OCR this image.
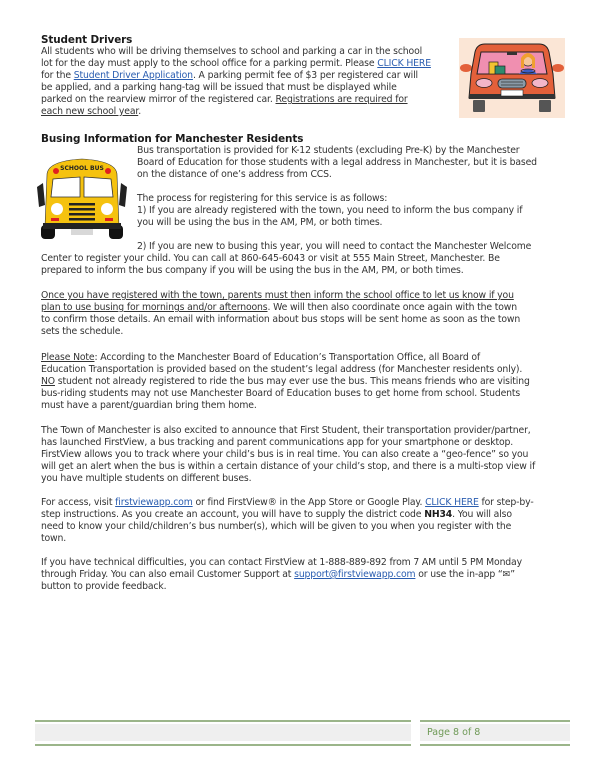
Student Drivers
All students who will be driving themselves to school and parking a car in the school
lot for the day must apply to the school office for a parking permit. Please CLICK HERE
for the Student Driver Application. A parking permit fee of $3 per registered car will
be applied, and a parking hang-tag will be issued that must be displayed while
parked on the rearview mirror of the registered car. Registrations are required for
each new school year.
Busing Information for Manchester Residents
SCHOOL BUS
Bus transportation is provided for K-12 students (excluding Pre-K) by the Manchester
Board of Education for those students with a legal address in Manchester, but it is based
on the distance of one’s address from CCS.
The process for registering for this service is as follows:
1) If you are already registered with the town, you need to inform the bus company if
you will be using the bus in the AM, PM, or both times.
2) If you are new to busing this year, you will need to contact the Manchester Welcome
Center to register your child. You can call at 860-645-6043 or visit at 555 Main Street, Manchester. Be
prepared to inform the bus company if you will be using the bus in the AM, PM, or both times.
Once you have registered with the town, parents must then inform the school office to let us know if you
plan to use busing for mornings and/or afternoons. We will then also coordinate once again with the town
to confirm those details. An email with information about bus stops will be sent home as soon as the town
sets the schedule.
Please Note: According to the Manchester Board of Education’s Transportation Office, all Board of
Education Transportation is provided based on the student’s legal address (for Manchester residents only).
NO student not already registered to ride the bus may ever use the bus. This means friends who are visiting
bus-riding students may not use Manchester Board of Education buses to get home from school. Students
must have a parent/guardian bring them home.
The Town of Manchester is also excited to announce that First Student, their transportation provider/partner,
has launched FirstView, a bus tracking and parent communications app for your smartphone or desktop.
FirstView allows you to track where your child’s bus is in real time. You can also create a “geo-fence” so you
will get an alert when the bus is within a certain distance of your child’s stop, and there is a multi-stop view if
you have multiple students on different buses.
For access, visit firstviewapp.com or find FirstView® in the App Store or Google Play. CLICK HERE for step-by-
step instructions. As you create an account, you will have to supply the district code NH34. You will also
need to know your child/children’s bus number(s), which will be given to you when you register with the
town.
If you have technical difficulties, you can contact FirstView at 1-888-889-892 from 7 AM until 5 PM Monday
through Friday. You can also email Customer Support at support@firstviewapp.com or use the in-app “✉”
button to provide feedback.
Page 8 of 8
